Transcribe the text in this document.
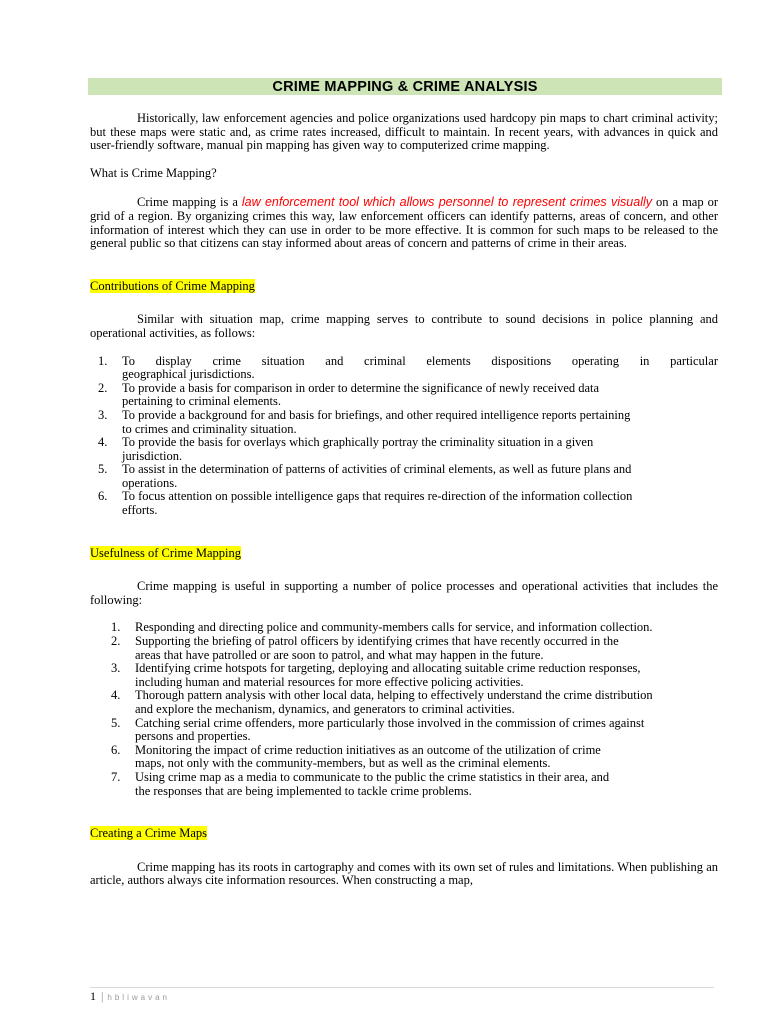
CRIME MAPPING & CRIME ANALYSIS

Historically, law enforcement agencies and police organizations used hardcopy pin maps to chart criminal activity; but these maps were static and, as crime rates increased, difficult to maintain. In recent years, with advances in quick and user-friendly software, manual pin mapping has given way to computerized crime mapping.

What is Crime Mapping?

Crime mapping is a law enforcement tool which allows personnel to represent crimes visually on a map or grid of a region. By organizing crimes this way, law enforcement officers can identify patterns, areas of concern, and other information of interest which they can use in order to be more effective. It is common for such maps to be released to the general public so that citizens can stay informed about areas of concern and patterns of crime in their areas.

Contributions of Crime Mapping

Similar with situation map, crime mapping serves to contribute to sound decisions in police planning and operational activities, as follows:

1. To display crime situation and criminal elements dispositions operating in particular
geographical jurisdictions.
2. To provide a basis for comparison in order to determine the significance of newly received data
pertaining to criminal elements.
3. To provide a background for and basis for briefings, and other required intelligence reports pertaining
to crimes and criminality situation.
4. To provide the basis for overlays which graphically portray the criminality situation in a given
jurisdiction.
5. To assist in the determination of patterns of activities of criminal elements, as well as future plans and
operations.
6. To focus attention on possible intelligence gaps that requires re-direction of the information collection
efforts.

Usefulness of Crime Mapping

Crime mapping is useful in supporting a number of police processes and operational activities that includes the following:

1. Responding and directing police and community-members calls for service, and information collection.
2. Supporting the briefing of patrol officers by identifying crimes that have recently occurred in the
areas that have patrolled or are soon to patrol, and what may happen in the future.
3. Identifying crime hotspots for targeting, deploying and allocating suitable crime reduction responses,
including human and material resources for more effective policing activities.
4. Thorough pattern analysis with other local data, helping to effectively understand the crime distribution
and explore the mechanism, dynamics, and generators to criminal activities.
5. Catching serial crime offenders, more particularly those involved in the commission of crimes against
persons and properties.
6. Monitoring the impact of crime reduction initiatives as an outcome of the utilization of crime
maps, not only with the community-members, but as well as the criminal elements.
7. Using crime map as a media to communicate to the public the crime statistics in their area, and
the responses that are being implemented to tackle crime problems.

Creating a Crime Maps

Crime mapping has its roots in cartography and comes with its own set of rules and limitations. When publishing an article, authors always cite information resources. When constructing a map,

1 | hbliwavan
